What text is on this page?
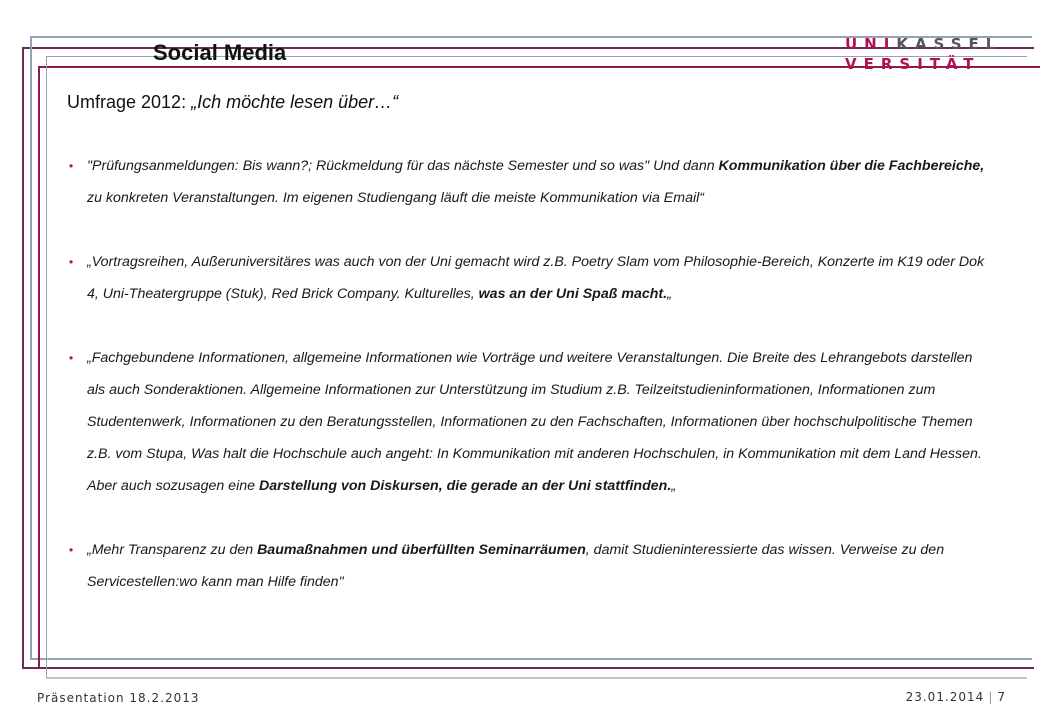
Social Media	UNIKASSEL
VERSITÄT
Umfrage 2012: „Ich möchte lesen über…“
• "Prüfungsanmeldungen: Bis wann?; Rückmeldung für das nächste Semester und so was" Und dann Kommunikation über die Fachbereiche, zu konkreten Veranstaltungen. Im eigenen Studiengang läuft die meiste Kommunikation via Email“
• „Vortragsreihen, Außeruniversitäres was auch von der Uni gemacht wird z.B. Poetry Slam vom Philosophie-Bereich, Konzerte im K19 oder Dok 4, Uni-Theatergruppe (Stuk), Red Brick Company. Kulturelles, was an der Uni Spaß macht.„
• „Fachgebundene Informationen, allgemeine Informationen wie Vorträge und weitere Veranstaltungen. Die Breite des Lehrangebots darstellen als auch Sonderaktionen. Allgemeine Informationen zur Unterstützung im Studium z.B. Teilzeitstudieninformationen, Informationen zum Studentenwerk, Informationen zu den Beratungsstellen, Informationen zu den Fachschaften, Informationen über hochschulpolitische Themen z.B. vom Stupa, Was halt die Hochschule auch angeht: In Kommunikation mit anderen Hochschulen, in Kommunikation mit dem Land Hessen. Aber auch sozusagen eine Darstellung von Diskursen, die gerade an der Uni stattfinden.„
• „Mehr Transparenz zu den Baumaßnahmen und überfüllten Seminarräumen, damit Studieninteressierte das wissen. Verweise zu den Servicestellen:wo kann man Hilfe finden"
Präsentation 18.2.2013	23.01.2014 | 7
